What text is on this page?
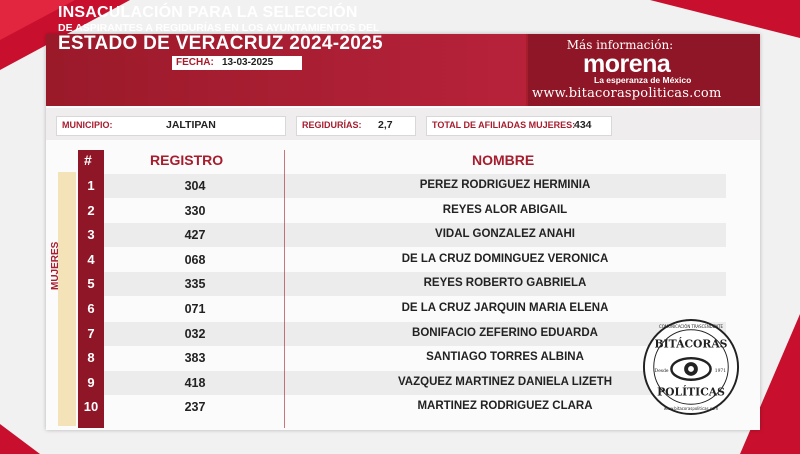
INSACULACIÓN PARA LA SELECCIÓN
DE ASPIRANTES A REGIDURÍAS EN LOS AYUNTAMIENTOS DEL
ESTADO DE VERACRUZ 2024-2025
FECHA: 13-03-2025
Más información:
morena
La esperanza de México
www.bitacoraspoliticas.com
MUNICIPIO:	JALTIPAN	REGIDURÍAS: 2,7	TOTAL DE AFILIADAS MUJERES:
434
MUJERES
#	REGISTRO	NOMBRE
1	304	PEREZ RODRIGUEZ HERMINIA
2	330	REYES ALOR ABIGAIL
3	427	VIDAL GONZALEZ ANAHI
4	068	DE LA CRUZ DOMINGUEZ VERONICA
5	335	REYES ROBERTO GABRIELA
6	071	DE LA CRUZ JARQUIN MARIA ELENA
7	032	BONIFACIO ZEFERINO EDUARDA
8	383	SANTIAGO TORRES ALBINA
9	418	VAZQUEZ MARTINEZ DANIELA LIZETH
10	237	MARTINEZ RODRIGUEZ CLARA
BITÁCORAS
POLÍTICAS
Desde	1971
COMUNICACIÓN TRASCENDENTE
www.bitacoraspoliticas.com
